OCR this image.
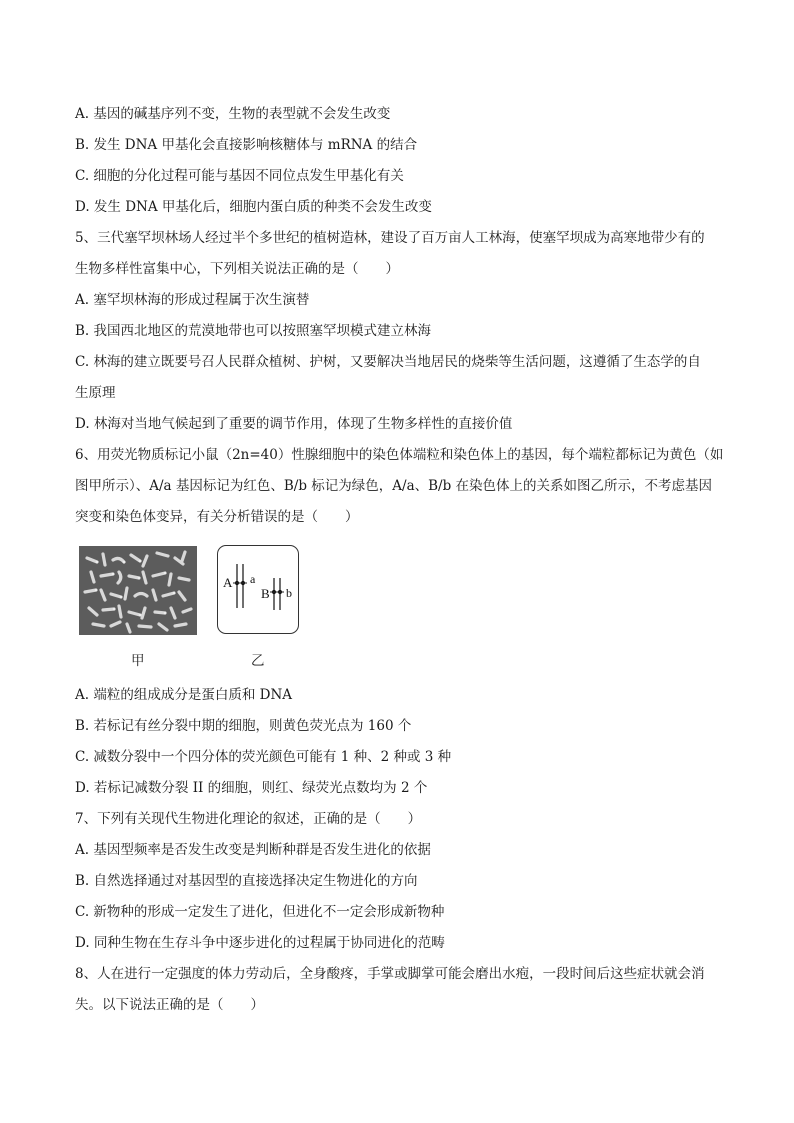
A. 基因的碱基序列不变，生物的表型就不会发生改变
B. 发生 DNA 甲基化会直接影响核糖体与 mRNA 的结合
C. 细胞的分化过程可能与基因不同位点发生甲基化有关
D. 发生 DNA 甲基化后，细胞内蛋白质的种类不会发生改变
5、三代塞罕坝林场人经过半个多世纪的植树造林，建设了百万亩人工林海，使塞罕坝成为高寒地带少有的
生物多样性富集中心，下列相关说法正确的是（　　）
A. 塞罕坝林海的形成过程属于次生演替
B. 我国西北地区的荒漠地带也可以按照塞罕坝模式建立林海
C. 林海的建立既要号召人民群众植树、护树，又要解决当地居民的烧柴等生活问题，这遵循了生态学的自
生原理
D. 林海对当地气候起到了重要的调节作用，体现了生物多样性的直接价值
6、用荧光物质标记小鼠（2n=40）性腺细胞中的染色体端粒和染色体上的基因，每个端粒都标记为黄色（如
图甲所示）、A/a 基因标记为红色、B/b 标记为绿色，A/a、B/b 在染色体上的关系如图乙所示，不考虑基因
突变和染色体变异，有关分析错误的是（　　）
A a
B b
甲	乙
A. 端粒的组成成分是蛋白质和 DNA
B. 若标记有丝分裂中期的细胞，则黄色荧光点为 160 个
C. 减数分裂中一个四分体的荧光颜色可能有 1 种、2 种或 3 种
D. 若标记减数分裂 II 的细胞，则红、绿荧光点数均为 2 个
7、下列有关现代生物进化理论的叙述，正确的是（　　）
A. 基因型频率是否发生改变是判断种群是否发生进化的依据
B. 自然选择通过对基因型的直接选择决定生物进化的方向
C. 新物种的形成一定发生了进化，但进化不一定会形成新物种
D. 同种生物在生存斗争中逐步进化的过程属于协同进化的范畴
8、人在进行一定强度的体力劳动后，全身酸疼，手掌或脚掌可能会磨出水疱，一段时间后这些症状就会消
失。以下说法正确的是（　　）
